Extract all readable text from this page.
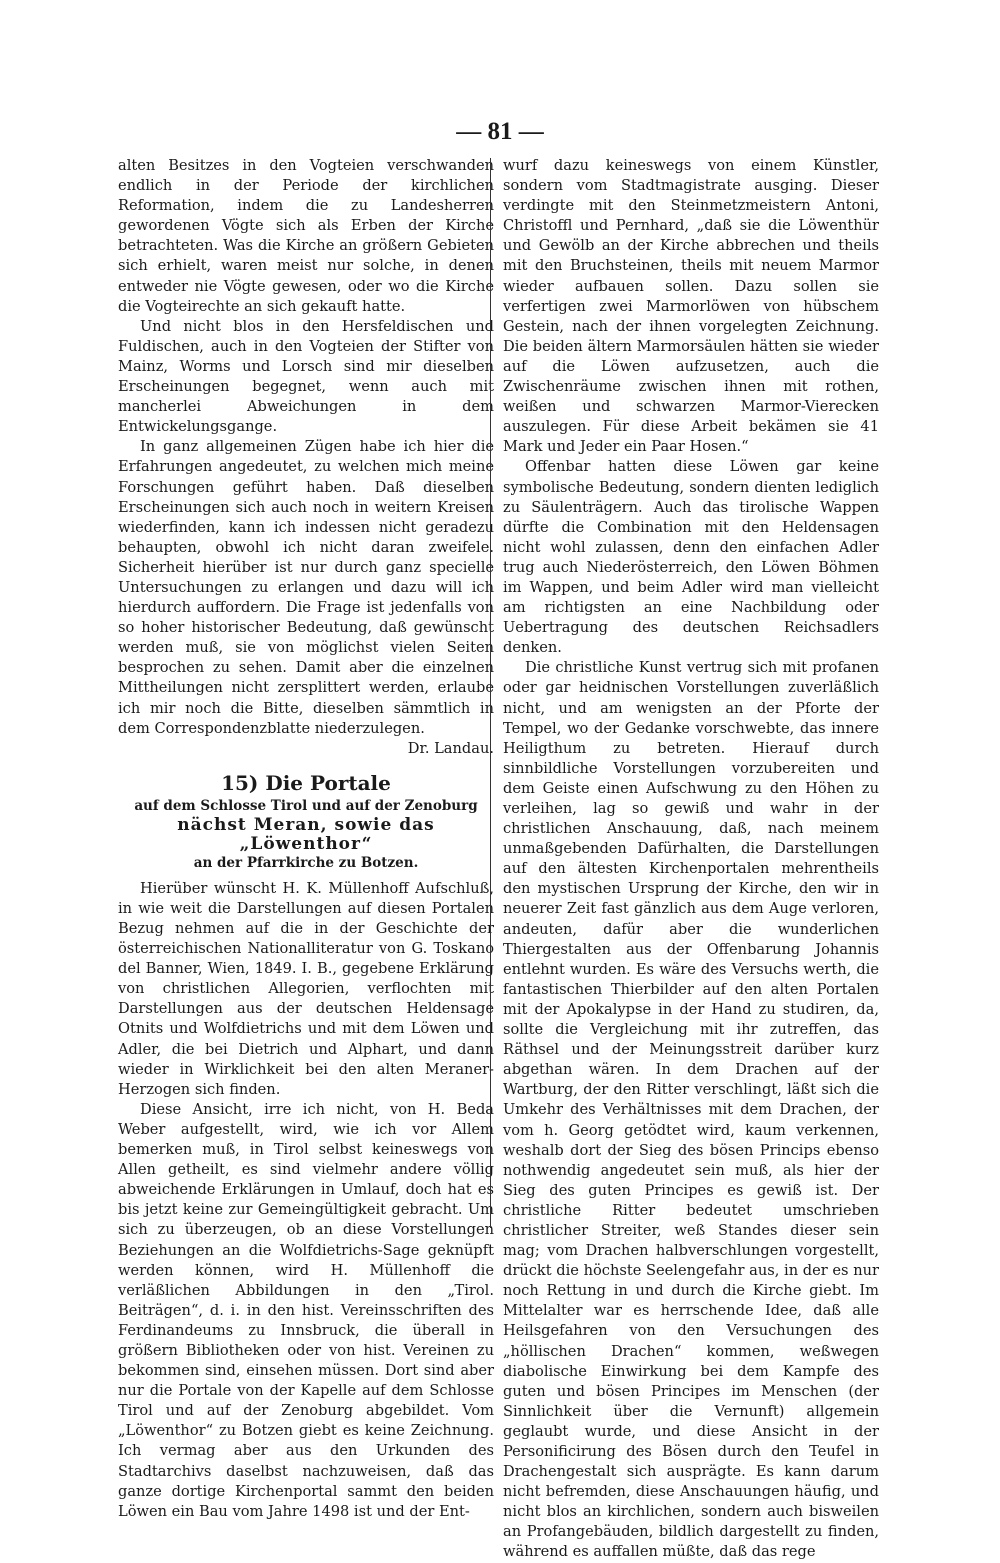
— 81 —

alten Besitzes in den Vogteien verschwanden endlich in der Periode der kirchlichen Reformation, indem die zu Landesherren gewordenen Vögte sich als Erben der Kirche betrachteten. Was die Kirche an größern Gebieten sich erhielt, waren meist nur solche, in denen entweder nie Vögte gewesen, oder wo die Kirche die Vogteirechte an sich gekauft hatte.

Und nicht blos in den Hersfeldischen und Fuldischen, auch in den Vogteien der Stifter von Mainz, Worms und Lorsch sind mir dieselben Erscheinungen begegnet, wenn auch mit mancherlei Abweichungen in dem Entwickelungsgange.

In ganz allgemeinen Zügen habe ich hier die Erfahrungen angedeutet, zu welchen mich meine Forschungen geführt haben. Daß dieselben Erscheinungen sich auch noch in weitern Kreisen wiederfinden, kann ich indessen nicht geradezu behaupten, obwohl ich nicht daran zweifele. Sicherheit hierüber ist nur durch ganz specielle Untersuchungen zu erlangen und dazu will ich hierdurch auffordern. Die Frage ist jedenfalls von so hoher historischer Bedeutung, daß gewünscht werden muß, sie von möglichst vielen Seiten besprochen zu sehen. Damit aber die einzelnen Mittheilungen nicht zersplittert werden, erlaube ich mir noch die Bitte, dieselben sämmtlich in dem Correspondenzblatte niederzulegen.

Dr. Landau.

15) Die Portale
auf dem Schlosse Tirol und auf der Zenoburg
nächst Meran, sowie das „Löwenthor“
an der Pfarrkirche zu Botzen.

Hierüber wünscht H. K. Müllenhoff Aufschluß, in wie weit die Darstellungen auf diesen Portalen Bezug nehmen auf die in der Geschichte der österreichischen Nationalliteratur von G. Toskano del Banner, Wien, 1849. I. B., gegebene Erklärung von christlichen Allegorien, verflochten mit Darstellungen aus der deutschen Heldensage Otnits und Wolfdietrichs und mit dem Löwen und Adler, die bei Dietrich und Alphart, und dann wieder in Wirklichkeit bei den alten Meraner-Herzogen sich finden.

Diese Ansicht, irre ich nicht, von H. Beda Weber aufgestellt, wird, wie ich vor Allem bemerken muß, in Tirol selbst keineswegs von Allen getheilt, es sind vielmehr andere völlig abweichende Erklärungen in Umlauf, doch hat es bis jetzt keine zur Gemeingültigkeit gebracht. Um sich zu überzeugen, ob an diese Vorstellungen Beziehungen an die Wolfdietrichs-Sage geknüpft werden können, wird H. Müllenhoff die verläßlichen Abbildungen in den „Tirol. Beiträgen“, d. i. in den hist. Vereinsschriften des Ferdinandeums zu Innsbruck, die überall in größern Bibliotheken oder von hist. Vereinen zu bekommen sind, einsehen müssen. Dort sind aber nur die Portale von der Kapelle auf dem Schlosse Tirol und auf der Zenoburg abgebildet. Vom „Löwenthor“ zu Botzen giebt es keine Zeichnung. Ich vermag aber aus den Urkunden des Stadtarchivs daselbst nachzuweisen, daß das ganze dortige Kirchenportal sammt den beiden Löwen ein Bau vom Jahre 1498 ist und der Ent-

wurf dazu keineswegs von einem Künstler, sondern vom Stadtmagistrate ausging. Dieser verdingte mit den Steinmetzmeistern Antoni, Christoffl und Pernhard, „daß sie die Löwenthür und Gewölb an der Kirche abbrechen und theils mit den Bruchsteinen, theils mit neuem Marmor wieder aufbauen sollen. Dazu sollen sie verfertigen zwei Marmorlöwen von hübschem Gestein, nach der ihnen vorgelegten Zeichnung. Die beiden ältern Marmorsäulen hätten sie wieder auf die Löwen aufzusetzen, auch die Zwischenräume zwischen ihnen mit rothen, weißen und schwarzen Marmor-Vierecken auszulegen. Für diese Arbeit bekämen sie 41 Mark und Jeder ein Paar Hosen.“

Offenbar hatten diese Löwen gar keine symbolische Bedeutung, sondern dienten lediglich zu Säulenträgern. Auch das tirolische Wappen dürfte die Combination mit den Heldensagen nicht wohl zulassen, denn den einfachen Adler trug auch Niederösterreich, den Löwen Böhmen im Wappen, und beim Adler wird man vielleicht am richtigsten an eine Nachbildung oder Uebertragung des deutschen Reichsadlers denken.

Die christliche Kunst vertrug sich mit profanen oder gar heidnischen Vorstellungen zuverläßlich nicht, und am wenigsten an der Pforte der Tempel, wo der Gedanke vorschwebte, das innere Heiligthum zu betreten. Hierauf durch sinnbildliche Vorstellungen vorzubereiten und dem Geiste einen Aufschwung zu den Höhen zu verleihen, lag so gewiß und wahr in der christlichen Anschauung, daß, nach meinem unmaßgebenden Dafürhalten, die Darstellungen auf den ältesten Kirchenportalen mehrentheils den mystischen Ursprung der Kirche, den wir in neuerer Zeit fast gänzlich aus dem Auge verloren, andeuten, dafür aber die wunderlichen Thiergestalten aus der Offenbarung Johannis entlehnt wurden. Es wäre des Versuchs werth, die fantastischen Thierbilder auf den alten Portalen mit der Apokalypse in der Hand zu studiren, da, sollte die Vergleichung mit ihr zutreffen, das Räthsel und der Meinungsstreit darüber kurz abgethan wären. In dem Drachen auf der Wartburg, der den Ritter verschlingt, läßt sich die Umkehr des Verhältnisses mit dem Drachen, der vom h. Georg getödtet wird, kaum verkennen, weshalb dort der Sieg des bösen Princips ebenso nothwendig angedeutet sein muß, als hier der Sieg des guten Principes es gewiß ist. Der christliche Ritter bedeutet umschrieben christlicher Streiter, weß Standes dieser sein mag; vom Drachen halbverschlungen vorgestellt, drückt die höchste Seelengefahr aus, in der es nur noch Rettung in und durch die Kirche giebt. Im Mittelalter war es herrschende Idee, daß alle Heilsgefahren von den Versuchungen des „höllischen Drachen“ kommen, weßwegen diabolische Einwirkung bei dem Kampfe des guten und bösen Principes im Menschen (der Sinnlichkeit über die Vernunft) allgemein geglaubt wurde, und diese Ansicht in der Personificirung des Bösen durch den Teufel in Drachengestalt sich ausprägte. Es kann darum nicht befremden, diese Anschauungen häufig, und nicht blos an kirchlichen, sondern auch bisweilen an Profangebäuden, bildlich dargestellt zu finden, während es auffallen müßte, daß das rege
